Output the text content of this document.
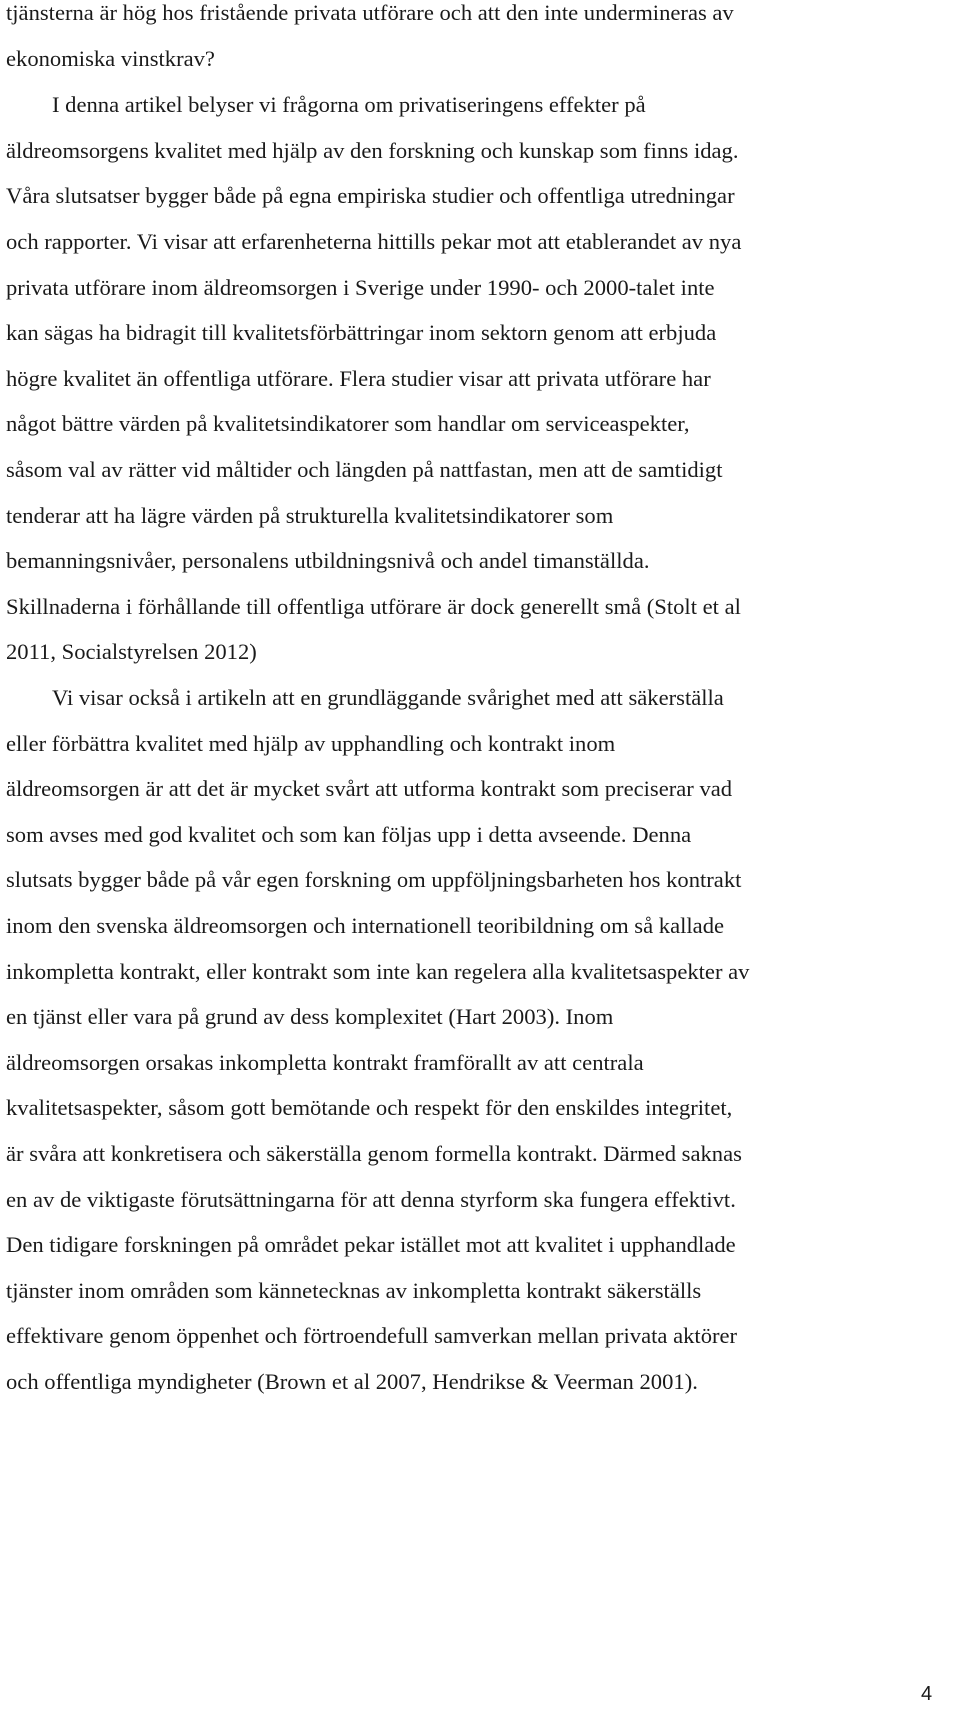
tjänsterna är hög hos fristående privata utförare och att den inte undermineras av
ekonomiska vinstkrav?
I denna artikel belyser vi frågorna om privatiseringens effekter på
äldreomsorgens kvalitet med hjälp av den forskning och kunskap som finns idag.
Våra slutsatser bygger både på egna empiriska studier och offentliga utredningar
och rapporter. Vi visar att erfarenheterna hittills pekar mot att etablerandet av nya
privata utförare inom äldreomsorgen i Sverige under 1990- och 2000-talet inte
kan sägas ha bidragit till kvalitetsförbättringar inom sektorn genom att erbjuda
högre kvalitet än offentliga utförare. Flera studier visar att privata utförare har
något bättre värden på kvalitetsindikatorer som handlar om serviceaspekter,
såsom val av rätter vid måltider och längden på nattfastan, men att de samtidigt
tenderar att ha lägre värden på strukturella kvalitetsindikatorer som
bemanningsnivåer, personalens utbildningsnivå och andel timanställda.
Skillnaderna i förhållande till offentliga utförare är dock generellt små (Stolt et al
2011, Socialstyrelsen 2012)
Vi visar också i artikeln att en grundläggande svårighet med att säkerställa
eller förbättra kvalitet med hjälp av upphandling och kontrakt inom
äldreomsorgen är att det är mycket svårt att utforma kontrakt som preciserar vad
som avses med god kvalitet och som kan följas upp i detta avseende. Denna
slutsats bygger både på vår egen forskning om uppföljningsbarheten hos kontrakt
inom den svenska äldreomsorgen och internationell teoribildning om så kallade
inkompletta kontrakt, eller kontrakt som inte kan regelera alla kvalitetsaspekter av
en tjänst eller vara på grund av dess komplexitet (Hart 2003). Inom
äldreomsorgen orsakas inkompletta kontrakt framförallt av att centrala
kvalitetsaspekter, såsom gott bemötande och respekt för den enskildes integritet,
är svåra att konkretisera och säkerställa genom formella kontrakt. Därmed saknas
en av de viktigaste förutsättningarna för att denna styrform ska fungera effektivt.
Den tidigare forskningen på området pekar istället mot att kvalitet i upphandlade
tjänster inom områden som kännetecknas av inkompletta kontrakt säkerställs
effektivare genom öppenhet och förtroendefull samverkan mellan privata aktörer
och offentliga myndigheter (Brown et al 2007, Hendrikse & Veerman 2001).
4
